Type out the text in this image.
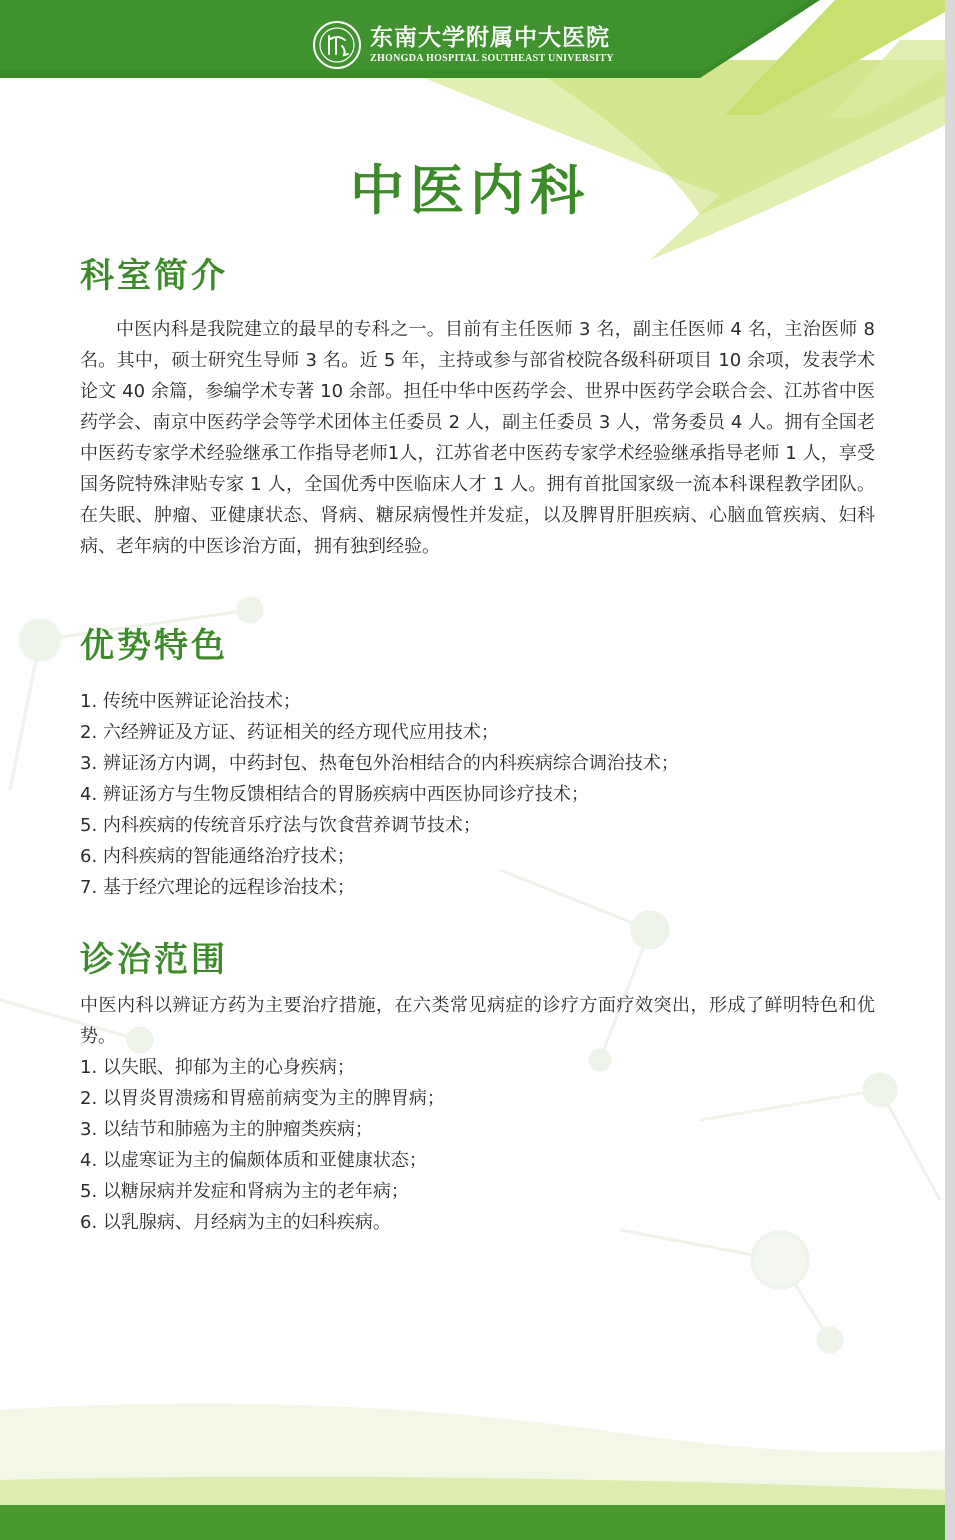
东南大学附属中大医院
ZHONGDA HOSPITAL SOUTHEAST UNIVERSITY
中医内科
科室简介

中医内科是我院建立的最早的专科之一。目前有主任医师 3 名，副主任医师 4 名，主治医师 8 名。其中，硕士研究生导师 3 名。近 5 年，主持或参与部省校院各级科研项目 10 余项，发表学术论文 40 余篇，参编学术专著 10 余部。担任中华中医药学会、世界中医药学会联合会、江苏省中医药学会、南京中医药学会等学术团体主任委员 2 人，副主任委员 3 人，常务委员 4 人。拥有全国老中医药专家学术经验继承工作指导老师1人，江苏省老中医药专家学术经验继承指导老师 1 人，享受国务院特殊津贴专家 1 人，全国优秀中医临床人才 1 人。拥有首批国家级一流本科课程教学团队。在失眠、肿瘤、亚健康状态、肾病、糖尿病慢性并发症，以及脾胃肝胆疾病、心脑血管疾病、妇科病、老年病的中医诊治方面，拥有独到经验。

优势特色
1. 传统中医辨证论治技术；
2. 六经辨证及方证、药证相关的经方现代应用技术；
3. 辨证汤方内调，中药封包、热奄包外治相结合的内科疾病综合调治技术；
4. 辨证汤方与生物反馈相结合的胃肠疾病中西医协同诊疗技术；
5. 内科疾病的传统音乐疗法与饮食营养调节技术；
6. 内科疾病的智能通络治疗技术；
7. 基于经穴理论的远程诊治技术；
诊治范围

中医内科以辨证方药为主要治疗措施，在六类常见病症的诊疗方面疗效突出，形成了鲜明特色和优势。

1. 以失眠、抑郁为主的心身疾病；
2. 以胃炎胃溃疡和胃癌前病变为主的脾胃病；
3. 以结节和肺癌为主的肿瘤类疾病；
4. 以虚寒证为主的偏颇体质和亚健康状态；
5. 以糖尿病并发症和肾病为主的老年病；
6. 以乳腺病、月经病为主的妇科疾病。
